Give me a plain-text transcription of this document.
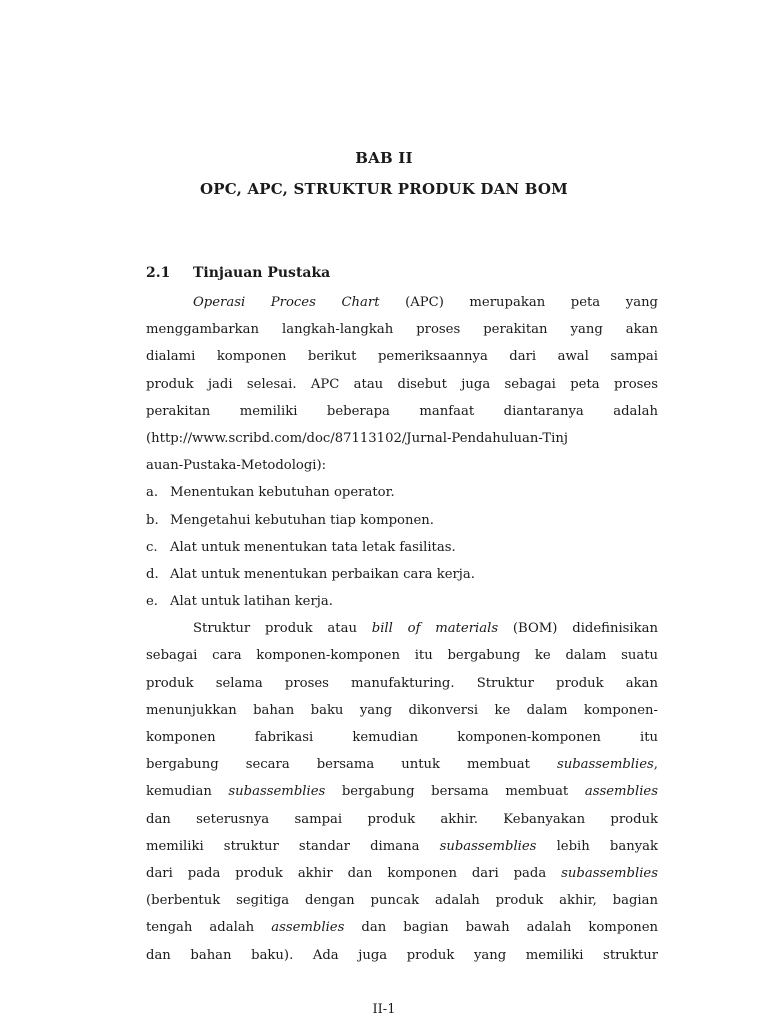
BAB II
OPC, APC, STRUKTUR PRODUK DAN BOM
2.1 Tinjauan Pustaka
Operasi Proces Chart (APC) merupakan peta yang
menggambarkan langkah-langkah proses perakitan yang akan
dialami komponen berikut pemeriksaannya dari awal sampai
produk jadi selesai. APC atau disebut juga sebagai peta proses
perakitan memiliki beberapa manfaat diantaranya adalah
(http://www.scribd.com/doc/87113102/Jurnal-Pendahuluan-Tinj
auan-Pustaka-Metodologi):
a. Menentukan kebutuhan operator.
b. Mengetahui kebutuhan tiap komponen.
c. Alat untuk menentukan tata letak fasilitas.
d. Alat untuk menentukan perbaikan cara kerja.
e. Alat untuk latihan kerja.
Struktur produk atau bill of materials (BOM) didefinisikan
sebagai cara komponen-komponen itu bergabung ke dalam suatu
produk selama proses manufakturing. Struktur produk akan
menunjukkan bahan baku yang dikonversi ke dalam komponen-
komponen fabrikasi kemudian komponen-komponen itu
bergabung secara bersama untuk membuat subassemblies,
kemudian subassemblies bergabung bersama membuat assemblies
dan seterusnya sampai produk akhir. Kebanyakan produk
memiliki struktur standar dimana subassemblies lebih banyak
dari pada produk akhir dan komponen dari pada subassemblies
(berbentuk segitiga dengan puncak adalah produk akhir, bagian
tengah adalah assemblies dan bagian bawah adalah komponen
dan bahan baku). Ada juga produk yang memiliki struktur
II-1
